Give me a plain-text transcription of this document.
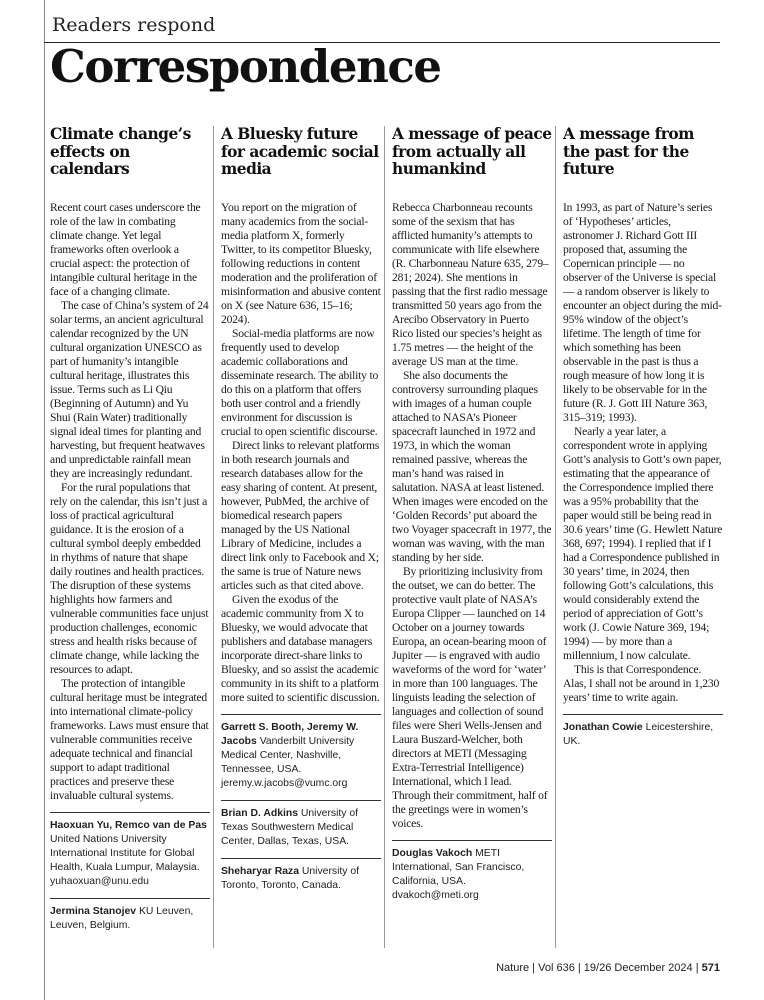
Readers respond
Correspondence
Climate change’s effects on calendars

Recent court cases underscore the role of the law in combating climate change. Yet legal frameworks often overlook a crucial aspect: the protection of intangible cultural heritage in the face of a changing climate.

The case of China’s system of 24 solar terms, an ancient agricultural calendar recognized by the UN cultural organization UNESCO as part of humanity’s intangible cultural heritage, illustrates this issue. Terms such as Li Qiu (Beginning of Autumn) and Yu Shui (Rain Water) traditionally signal ideal times for planting and harvesting, but frequent heatwaves and unpredictable rainfall mean they are increasingly redundant.

For the rural populations that rely on the calendar, this isn’t just a loss of practical agricultural guidance. It is the erosion of a cultural symbol deeply embedded in rhythms of nature that shape daily routines and health practices. The disruption of these systems highlights how farmers and vulnerable communities face unjust production challenges, economic stress and health risks because of climate change, while lacking the resources to adapt.

The protection of intangible cultural heritage must be integrated into international climate-policy frameworks. Laws must ensure that vulnerable communities receive adequate technical and financial support to adapt traditional practices and preserve these invaluable cultural systems.

Haoxuan Yu, Remco van de Pas United Nations University International Institute for Global Health, Kuala Lumpur, Malaysia.
yuhaoxuan@unu.edu
Jermina Stanojev KU Leuven, Leuven, Belgium.
A Bluesky future for academic social media

You report on the migration of many academics from the social-media platform X, formerly Twitter, to its competitor Bluesky, following reductions in content moderation and the proliferation of misinformation and abusive content on X (see Nature 636, 15–16; 2024).

Social-media platforms are now frequently used to develop academic collaborations and disseminate research. The ability to do this on a platform that offers both user control and a friendly environment for discussion is crucial to open scientific discourse.

Direct links to relevant platforms in both research journals and research databases allow for the easy sharing of content. At present, however, PubMed, the archive of biomedical research papers managed by the US National Library of Medicine, includes a direct link only to Facebook and X; the same is true of Nature news articles such as that cited above.

Given the exodus of the academic community from X to Bluesky, we would advocate that publishers and database managers incorporate direct-share links to Bluesky, and so assist the academic community in its shift to a platform more suited to scientific discussion.

Garrett S. Booth, Jeremy W. Jacobs Vanderbilt University Medical Center, Nashville, Tennessee, USA.
jeremy.w.jacobs@vumc.org
Brian D. Adkins University of Texas Southwestern Medical Center, Dallas, Texas, USA.
Sheharyar Raza University of Toronto, Toronto, Canada.
A message of peace from actually all humankind

Rebecca Charbonneau recounts some of the sexism that has afflicted humanity’s attempts to communicate with life elsewhere (R. Charbonneau Nature 635, 279–281; 2024). She mentions in passing that the first radio message transmitted 50 years ago from the Arecibo Observatory in Puerto Rico listed our species’s height as 1.75 metres — the height of the average US man at the time.

She also documents the controversy surrounding plaques with images of a human couple attached to NASA’s Pioneer spacecraft launched in 1972 and 1973, in which the woman remained passive, whereas the man’s hand was raised in salutation. NASA at least listened. When images were encoded on the ‘Golden Records’ put aboard the two Voyager spacecraft in 1977, the woman was waving, with the man standing by her side.

By prioritizing inclusivity from the outset, we can do better. The protective vault plate of NASA’s Europa Clipper — launched on 14 October on a journey towards Europa, an ocean-bearing moon of Jupiter — is engraved with audio waveforms of the word for ‘water’ in more than 100 languages. The linguists leading the selection of languages and collection of sound files were Sheri Wells-Jensen and Laura Buszard-Welcher, both directors at METI (Messaging Extra-Terrestrial Intelligence) International, which I lead. Through their commitment, half of the greetings were in women’s voices.

Douglas Vakoch METI International, San Francisco, California, USA.
dvakoch@meti.org
A message from the past for the future

In 1993, as part of Nature’s series of ‘Hypotheses’ articles, astronomer J. Richard Gott III proposed that, assuming the Copernican principle — no observer of the Universe is special — a random observer is likely to encounter an object during the mid-95% window of the object’s lifetime. The length of time for which something has been observable in the past is thus a rough measure of how long it is likely to be observable for in the future (R. J. Gott III Nature 363, 315–319; 1993).

Nearly a year later, a correspondent wrote in applying Gott’s analysis to Gott’s own paper, estimating that the appearance of the Correspondence implied there was a 95% probability that the paper would still be being read in 30.6 years’ time (G. Hewlett Nature 368, 697; 1994). I replied that if I had a Correspondence published in 30 years’ time, in 2024, then following Gott’s calculations, this would considerably extend the period of appreciation of Gott’s work (J. Cowie Nature 369, 194; 1994) — by more than a millennium, I now calculate.

This is that Correspondence. Alas, I shall not be around in 1,230 years’ time to write again.

Jonathan Cowie Leicestershire, UK.
Nature | Vol 636 | 19/26 December 2024 | 571
